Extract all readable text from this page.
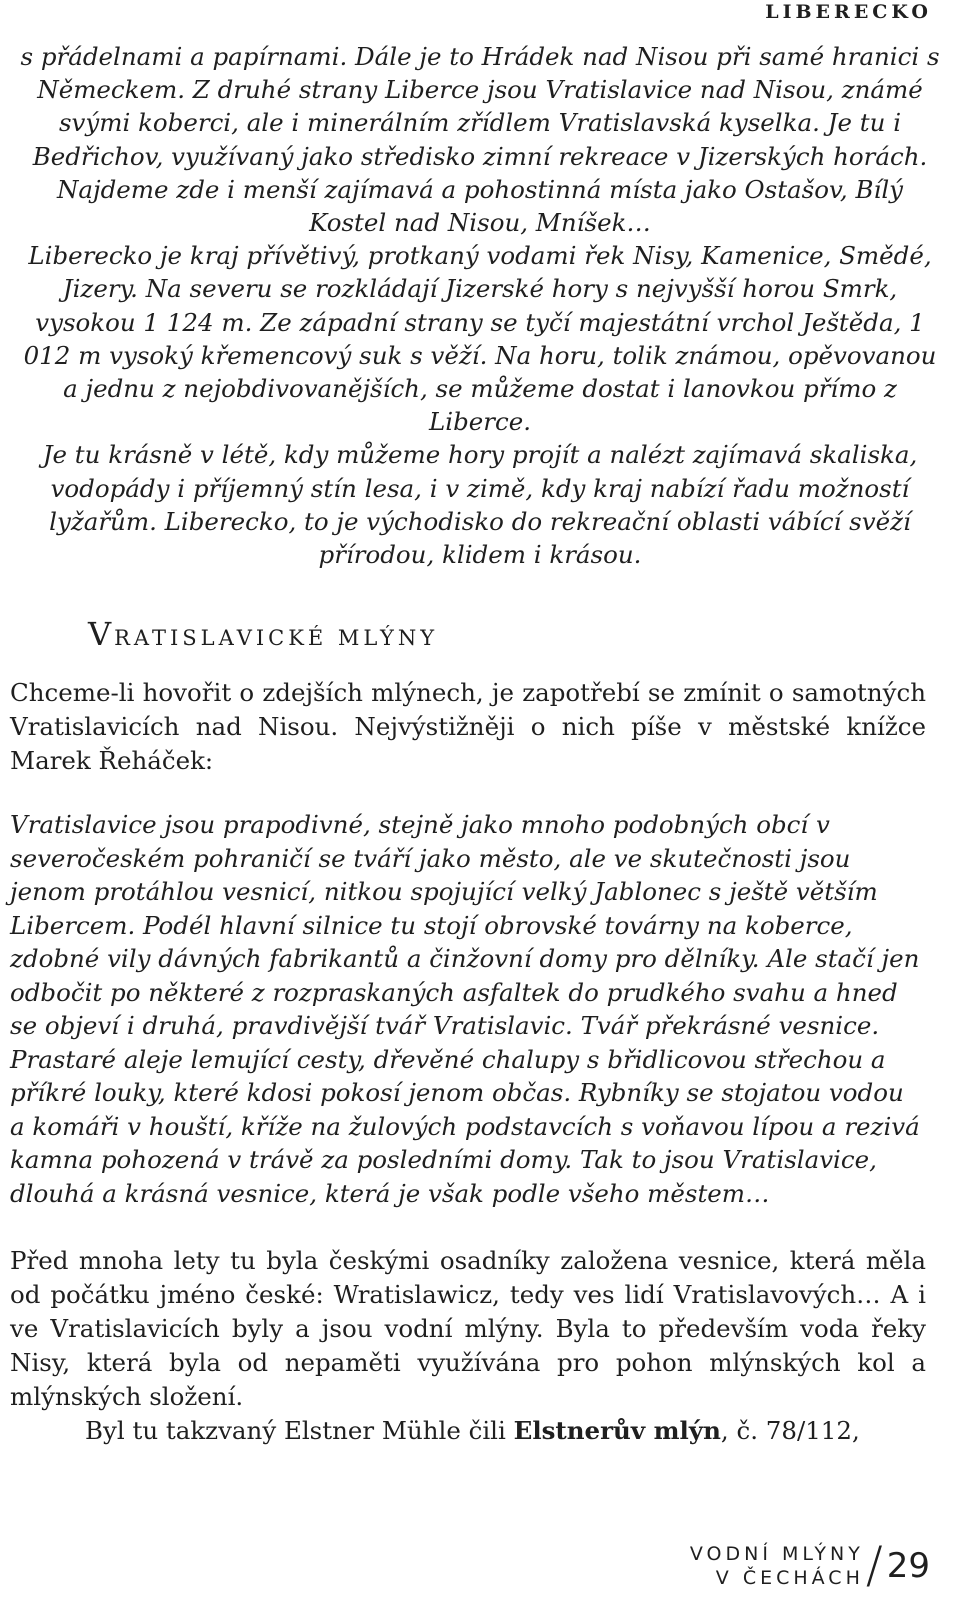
LIBERECKO

s přádelnami a papírnami. Dále je to Hrádek nad Nisou při samé hranici s Německem. Z druhé strany Liberce jsou Vratislavice nad Nisou, známé svými koberci, ale i minerálním zřídlem Vratislavská kyselka. Je tu i Bedřichov, využívaný jako středisko zimní rekreace v Jizerských horách. Najdeme zde i menší zajímavá a pohostinná místa jako Ostašov, Bílý Kostel nad Nisou, Mníšek…

Liberecko je kraj přívětivý, protkaný vodami řek Nisy, Kamenice, Smědé, Jizery. Na severu se rozkládají Jizerské hory s nejvyšší horou Smrk, vysokou 1 124 m. Ze západní strany se tyčí majestátní vrchol Ještěda, 1 012 m vysoký křemencový suk s věží. Na horu, tolik známou, opěvovanou a jednu z nejobdivovanějších, se můžeme dostat i lanovkou přímo z Liberce.

Je tu krásně v létě, kdy můžeme hory projít a nalézt zajímavá skaliska, vodopády i příjemný stín lesa, i v zimě, kdy kraj nabízí řadu možností lyžařům. Liberecko, to je východisko do rekreační oblasti vábící svěží přírodou, klidem i krásou.

VRATISLAVICKÉ MLÝNY

Chceme-li hovořit o zdejších mlýnech, je zapotřebí se zmínit o samotných Vratislavicích nad Nisou. Nejvýstižněji o nich píše v městské knížce Marek Řeháček:

Vratislavice jsou prapodivné, stejně jako mnoho podobných obcí v severočeském pohraničí se tváří jako město, ale ve skutečnosti jsou jenom protáhlou vesnicí, nitkou spojující velký Jablonec s ještě větším Libercem. Podél hlavní silnice tu stojí obrovské továrny na koberce, zdobné vily dávných fabrikantů a činžovní domy pro dělníky. Ale stačí jen odbočit po některé z rozpraskaných asfaltek do prudkého svahu a hned se objeví i druhá, pravdivější tvář Vratislavic. Tvář překrásné vesnice. Prastaré aleje lemující cesty, dřevěné chalupy s břidlicovou střechou a příkré louky, které kdosi pokosí jenom občas. Rybníky se stojatou vodou a komáři v houští, kříže na žulových podstavcích s voňavou lípou a rezivá kamna pohozená v trávě za posledními domy. Tak to jsou Vratislavice, dlouhá a krásná vesnice, která je však podle všeho městem…

Před mnoha lety tu byla českými osadníky založena vesnice, která měla od počátku jméno české: Wratislawicz, tedy ves lidí Vratislavových… A i ve Vratislavicích byly a jsou vodní mlýny. Byla to především voda řeky Nisy, která byla od nepaměti využívána pro pohon mlýnských kol a mlýnských složení.

Byl tu takzvaný Elstner Mühle čili Elstnerův mlýn, č. 78/112,

VODNÍ MLÝNY
V ČECHÁCH / 29
